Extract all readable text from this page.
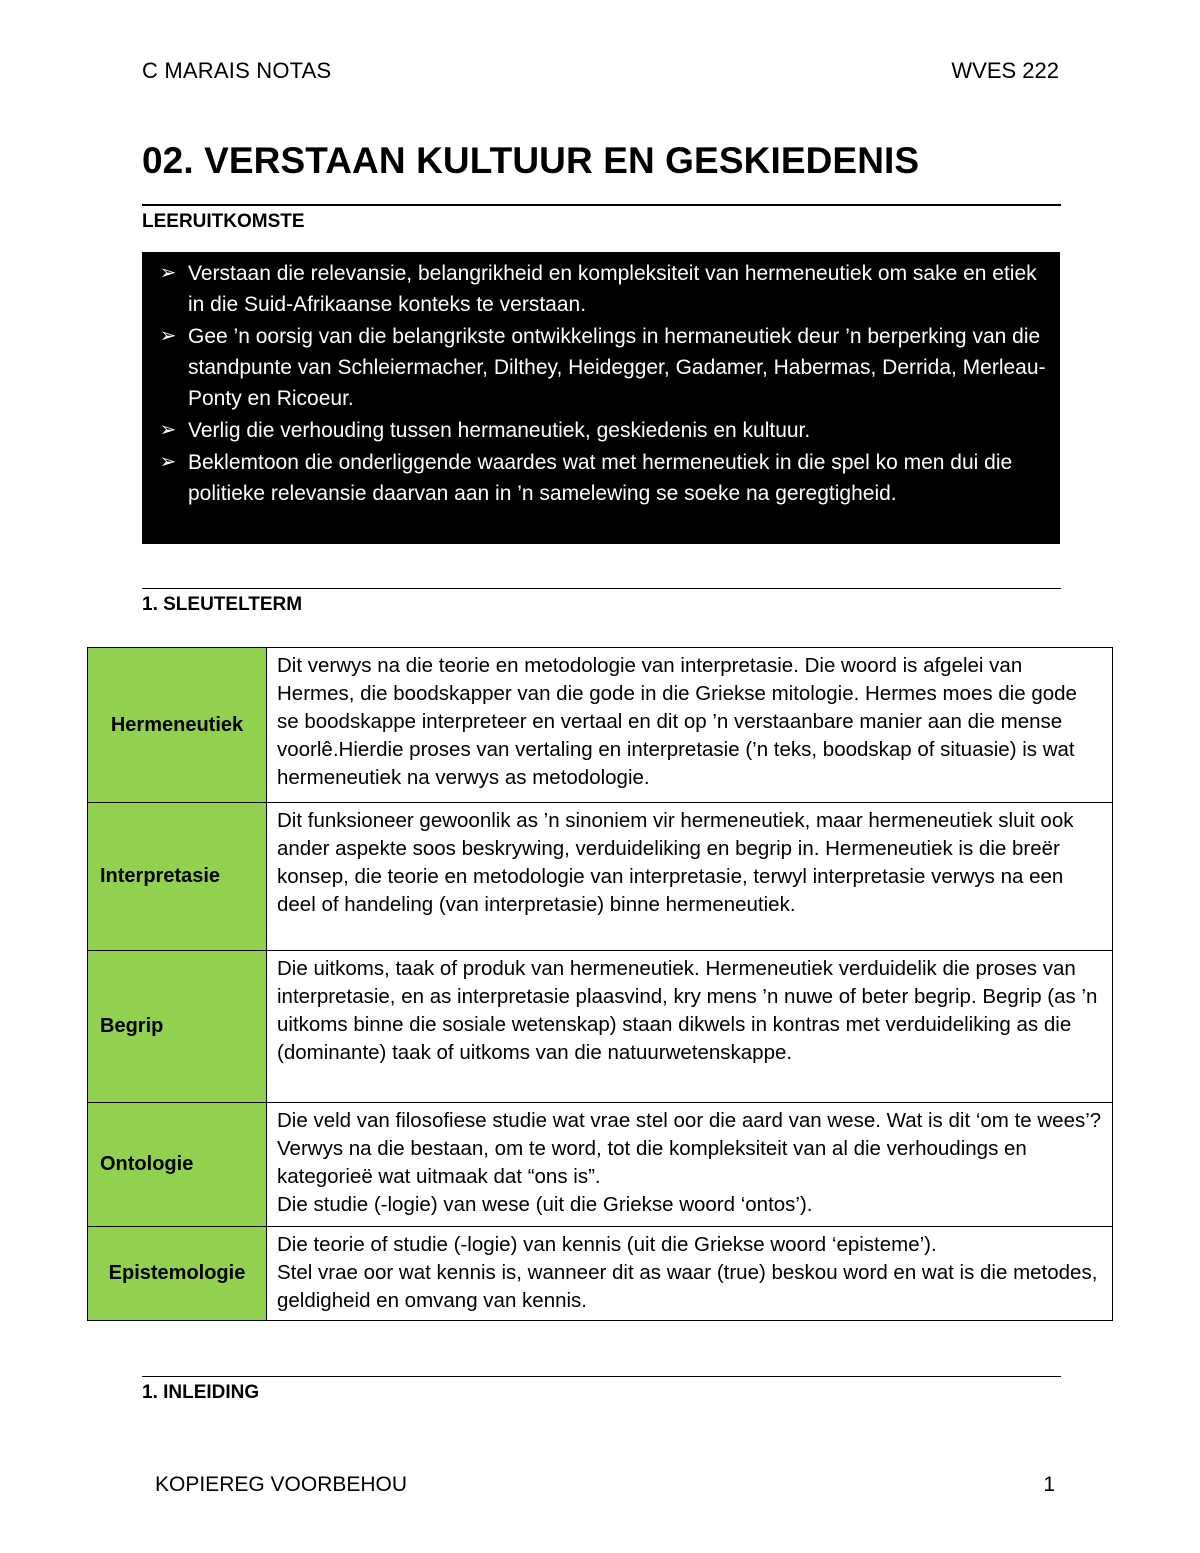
C MARAIS NOTAS	WVES 222
02. VERSTAAN KULTUUR EN GESKIEDENIS
LEERUITKOMSTE
➢ Verstaan die relevansie, belangrikheid en kompleksiteit van hermeneutiek om sake en etiek in die Suid-Afrikaanse konteks te verstaan.
➢ Gee ’n oorsig van die belangrikste ontwikkelings in hermaneutiek deur ’n berperking van die standpunte van Schleiermacher, Dilthey, Heidegger, Gadamer, Habermas, Derrida, Merleau-Ponty en Ricoeur.
➢ Verlig die verhouding tussen hermaneutiek, geskiedenis en kultuur.
➢ Beklemtoon die onderliggende waardes wat met hermeneutiek in die spel ko men dui die politieke relevansie daarvan aan in ’n samelewing se soeke na geregtigheid.
1. SLEUTELTERM
Hermeneutiek	Dit verwys na die teorie en metodologie van interpretasie. Die woord is afgelei van Hermes, die boodskapper van die gode in die Griekse mitologie. Hermes moes die gode se boodskappe interpreteer en vertaal en dit op ’n verstaanbare manier aan die mense voorlê.Hierdie proses van vertaling en interpretasie (’n teks, boodskap of situasie) is wat hermeneutiek na verwys as metodologie.
Interpretasie	Dit funksioneer gewoonlik as ’n sinoniem vir hermeneutiek, maar hermeneutiek sluit ook ander aspekte soos beskrywing, verduideliking en begrip in. Hermeneutiek is die breër konsep, die teorie en metodologie van interpretasie, terwyl interpretasie verwys na een deel of handeling (van interpretasie) binne hermeneutiek.
Begrip	Die uitkoms, taak of produk van hermeneutiek. Hermeneutiek verduidelik die proses van interpretasie, en as interpretasie plaasvind, kry mens ’n nuwe of beter begrip. Begrip (as ’n uitkoms binne die sosiale wetenskap) staan dikwels in kontras met verduideliking as die (dominante) taak of uitkoms van die natuurwetenskappe.
Ontologie	Die veld van filosofiese studie wat vrae stel oor die aard van wese. Wat is dit ‘om te wees’? Verwys na die bestaan, om te word, tot die kompleksiteit van al die verhoudings en kategorieë wat uitmaak dat “ons is”.
Die studie (-logie) van wese (uit die Griekse woord ‘ontos’).

Epistemologie	Die teorie of studie (-logie) van kennis (uit die Griekse woord ‘episteme’).
Stel vrae oor wat kennis is, wanneer dit as waar (true) beskou word en wat is die metodes, geldigheid en omvang van kennis.
1. INLEIDING
KOPIEREG VOORBEHOU	1
